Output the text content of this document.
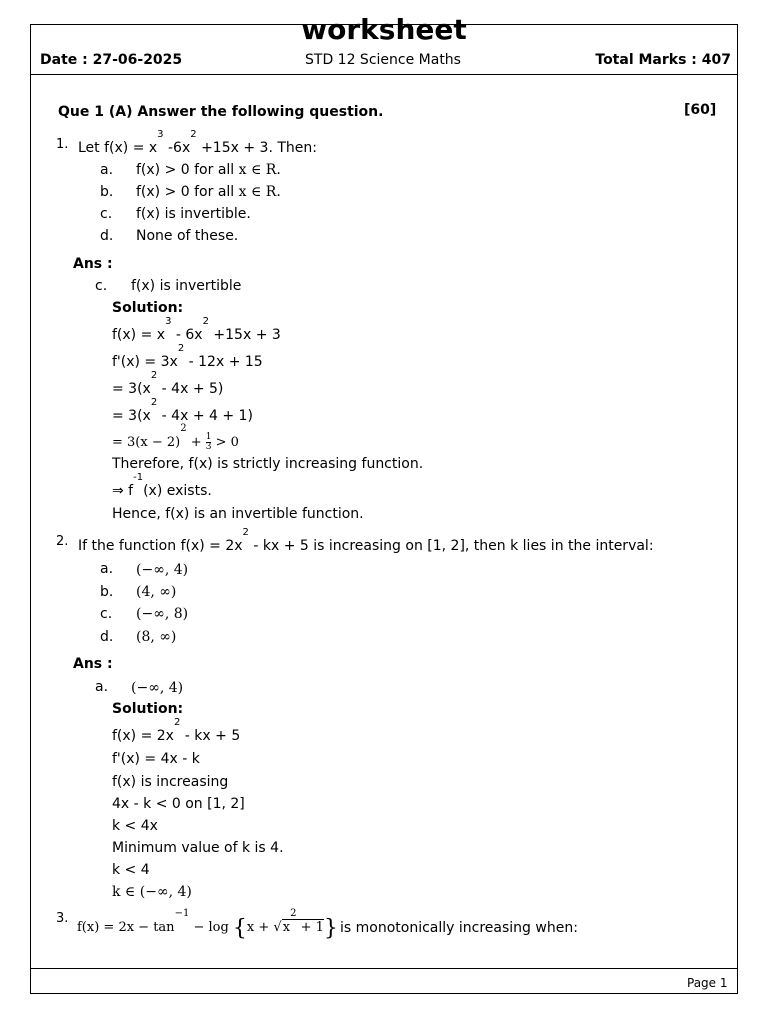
worksheet
Date : 27-06-2025	STD 12 Science Maths	Total Marks : 407
Que 1 (A) Answer the following question.	[60]
1. Let $f(x) = x^3$ $-6x^2 +15x + 3$. Then:
a. f(x) > 0 for all x ∈ R.
b. f(x) > 0 for all x ∈ R.
c. f(x) is invertible.
d. None of these.
Ans :
c. f(x) is invertible
Solution:
$f(x) = x^3 - 6x^2 +15x + 3$
$f'(x) = 3x^2 - 12x + 15$
= $3(x^2 - 4x + 5)$
= $3(x^2 - 4x + 4 + 1)$
= $3(x - 2)^2 + \frac{1}{3} > 0$
Therefore, f(x) is strictly increasing function.
⇒ $f^{-1}(x)$ exists.
Hence, f(x) is an invertible function.
2. If the function $f(x) = 2x^2$ - kx + 5 is increasing on [1, 2], then k lies in the interval:
a. (−∞, 4)
b. (4, ∞)
c. (−∞, 8)
d. (8, ∞)
Ans :
a. (−∞, 4)
Solution:
$f(x) = 2x^2$ - kx + 5
f'(x) = 4x - k
f(x) is increasing
4x - k < 0 on [1, 2]
k < 4x
Minimum value of k is 4.
k < 4
k ∈ (−∞, 4)
3.
$f(x) = 2x - \tan^{-1} - \log \{x + √x^2 + 1\}$ is monotonically increasing when:
Page 1
